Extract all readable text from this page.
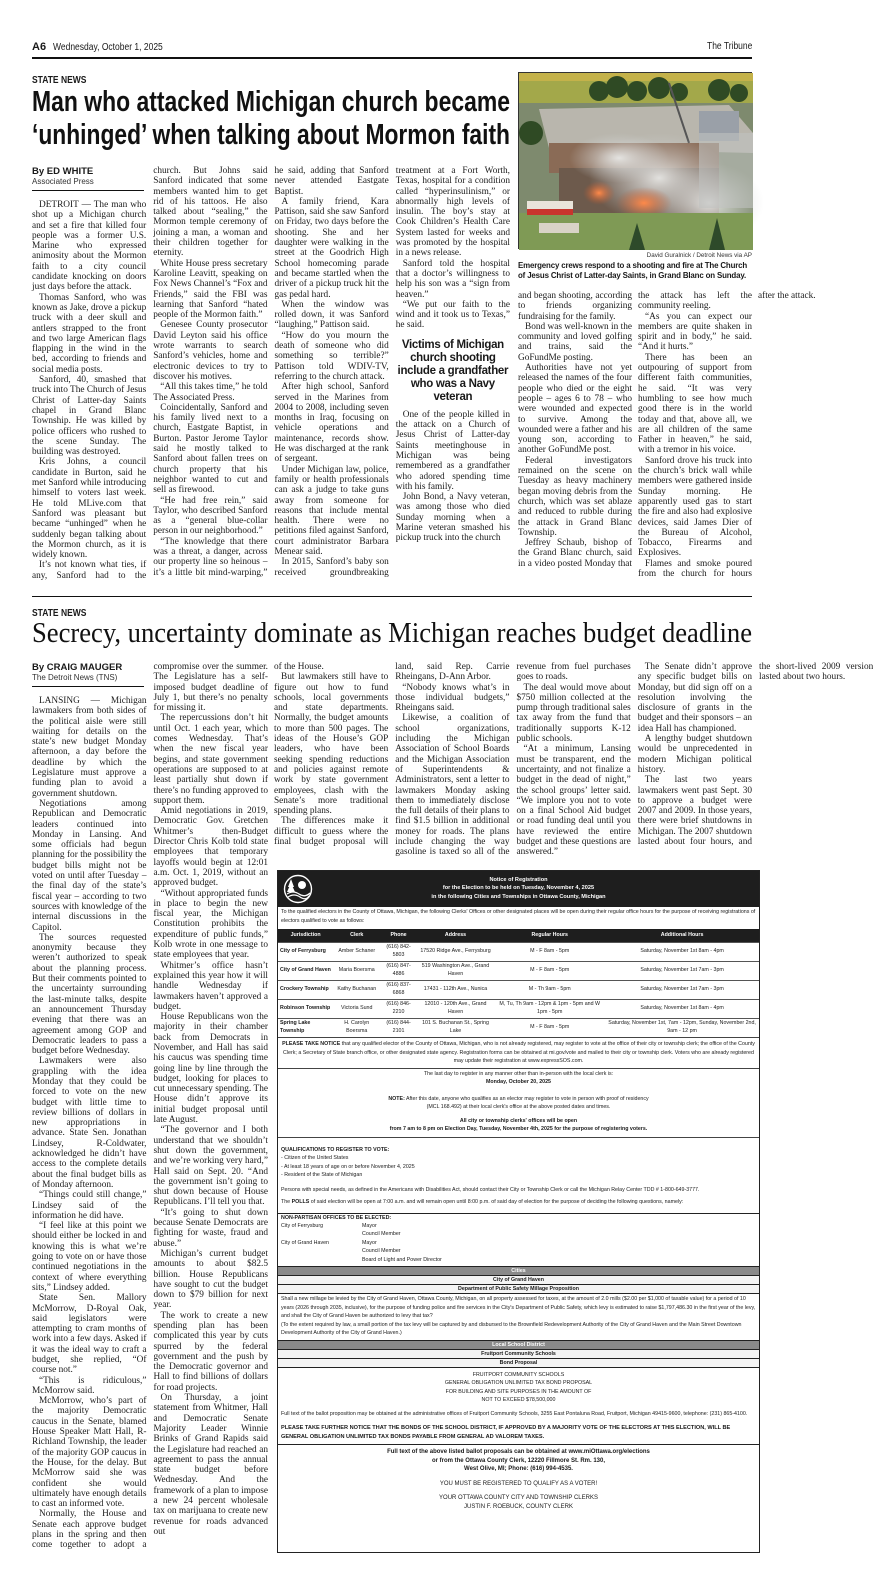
A6 Wednesday, October 1, 2025	The Tribune
STATE NEWS
Man who attacked Michigan church became
‘unhinged’ when talking about Mormon faith
David Guralnick / Detroit News via AP
Emergency crews respond to a shooting and fire at The Church of Jesus Christ of Latter-day Saints, in Grand Blanc on Sunday.
By ED WHITE
Associated Press

DETROIT — The man who shot up a Michigan church and set a fire that killed four people was a former U.S. Marine who expressed animosity about the Mormon faith to a city council candidate knocking on doors just days before the attack.

Thomas Sanford, who was known as Jake, drove a pickup truck with a deer skull and antlers strapped to the front and two large American flags flapping in the wind in the bed, according to friends and social media posts.

Sanford, 40, smashed that truck into The Church of Jesus Christ of Latter-day Saints chapel in Grand Blanc Township. He was killed by police officers who rushed to the scene Sunday. The building was destroyed.

Kris Johns, a council candidate in Burton, said he met Sanford while introducing himself to voters last week. He told MLive.com that Sanford was pleasant but became “unhinged” when he suddenly began talking about the Mormon church, as it is widely known.

It’s not known what ties, if any, Sanford had to the church. But Johns said Sanford indicated that some members wanted him to get rid of his tattoos. He also talked about “sealing,” the Mormon temple ceremony of joining a man, a woman and their children together for eternity.

White House press secretary Karoline Leavitt, speaking on Fox News Channel’s “Fox and Friends,” said the FBI was learning that Sanford “hated people of the Mormon faith.”

Genesee County prosecutor David Leyton said his office wrote warrants to search Sanford’s vehicles, home and electronic devices to try to discover his motives.

“All this takes time,” he told The Associated Press.

Coincidentally, Sanford and his family lived next to a church, Eastgate Baptist, in Burton. Pastor Jerome Taylor said he mostly talked to Sanford about fallen trees on church property that his neighbor wanted to cut and sell as firewood.

“He had free rein,” said Taylor, who described Sanford as a “general blue-collar person in our neighborhood.”

“The knowledge that there was a threat, a danger, across our property line so heinous – it’s a little bit mind-warping,” he said, adding that Sanford never attended Eastgate Baptist.

A family friend, Kara Pattison, said she saw Sanford on Friday, two days before the shooting. She and her daughter were walking in the street at the Goodrich High School homecoming parade and became startled when the driver of a pickup truck hit the gas pedal hard.

When the window was rolled down, it was Sanford “laughing,” Pattison said.

“How do you mourn the death of someone who did something so terrible?” Pattison told WDIV-TV, referring to the church attack.

After high school, Sanford served in the Marines from 2004 to 2008, including seven months in Iraq, focusing on vehicle operations and maintenance, records show. He was discharged at the rank of sergeant.

Under Michigan law, police, family or health professionals can ask a judge to take guns away from someone for reasons that include mental health. There were no petitions filed against Sanford, court administrator Barbara Menear said.

In 2015, Sanford’s baby son received groundbreaking treatment at a Fort Worth, Texas, hospital for a condition called “hyperinsulinism,” or abnormally high levels of insulin. The boy’s stay at Cook Children’s Health Care System lasted for weeks and was promoted by the hospital in a news release.

Sanford told the hospital that a doctor’s willingness to help his son was a “sign from heaven.”

“We put our faith to the wind and it took us to Texas,” he said.

Victims of Michigan church shooting include a grandfather who was a Navy veteran

One of the people killed in the attack on a Church of Jesus Christ of Latter-day Saints meetinghouse in Michigan was being remembered as a grandfather who adored spending time with his family.

John Bond, a Navy veteran, was among those who died Sunday morning when a Marine veteran smashed his pickup truck into the church

and began shooting, according to friends organizing fundraising for the family.

Bond was well-known in the community and loved golfing and trains, said the GoFundMe posting.

Authorities have not yet released the names of the four people who died or the eight people – ages 6 to 78 – who were wounded and expected to survive. Among the wounded were a father and his young son, according to another GoFundMe post.

Federal investigators remained on the scene on Tuesday as heavy machinery began moving debris from the church, which was set ablaze and reduced to rubble during the attack in Grand Blanc Township.

Jeffrey Schaub, bishop of the Grand Blanc church, said in a video posted Monday that the attack has left the community reeling.

“As you can expect our members are quite shaken in spirit and in body,” he said. “And it hurts.”

There has been an outpouring of support from different faith communities, he said. “It was very humbling to see how much good there is in the world today and that, above all, we are all children of the same Father in heaven,” he said, with a tremor in his voice.

Sanford drove his truck into the church’s brick wall while members were gathered inside Sunday morning. He apparently used gas to start the fire and also had explosive devices, said James Dier of the Bureau of Alcohol, Tobacco, Firearms and Explosives.

Flames and smoke poured from the church for hours after the attack.

STATE NEWS
Secrecy, uncertainty dominate as Michigan reaches budget deadline
By CRAIG MAUGER
The Detroit News (TNS)

LANSING — Michigan lawmakers from both sides of the political aisle were still waiting for details on the state’s new budget Monday afternoon, a day before the deadline by which the Legislature must approve a funding plan to avoid a government shutdown.

Negotiations among Republican and Democratic leaders continued into Monday in Lansing. And some officials had begun planning for the possibility the budget bills might not be voted on until after Tuesday – the final day of the state’s fiscal year – according to two sources with knowledge of the internal discussions in the Capitol.

The sources requested anonymity because they weren’t authorized to speak about the planning process. But their comments pointed to the uncertainty surrounding the last-minute talks, despite an announcement Thursday evening that there was an agreement among GOP and Democratic leaders to pass a budget before Wednesday.

Lawmakers were also grappling with the idea Monday that they could be forced to vote on the new budget with little time to review billions of dollars in new appropriations in advance. State Sen. Jonathan Lindsey, R-Coldwater, acknowledged he didn’t have access to the complete details about the final budget bills as of Monday afternoon.

“Things could still change,” Lindsey said of the information he did have.

“I feel like at this point we should either be locked in and knowing this is what we’re going to vote on or have those continued negotiations in the context of where everything sits,” Lindsey added.

State Sen. Mallory McMorrow, D-Royal Oak, said legislators were attempting to cram months of work into a few days. Asked if it was the ideal way to craft a budget, she replied, “Of course not.”

“This is ridiculous,” McMorrow said.

McMorrow, who’s part of the majority Democratic caucus in the Senate, blamed House Speaker Matt Hall, R-Richland Township, the leader of the majority GOP caucus in the House, for the delay. But McMorrow said she was confident she would ultimately have enough details to cast an informed vote.

Normally, the House and Senate each approve budget plans in the spring and then come together to adopt a compromise over the summer. The Legislature has a self-imposed budget deadline of July 1, but there’s no penalty for missing it.

The repercussions don’t hit until Oct. 1 each year, which comes Wednesday. That’s when the new fiscal year begins, and state government operations are supposed to at least partially shut down if there’s no funding approved to support them.

Amid negotiations in 2019, Democratic Gov. Gretchen Whitmer’s then-Budget Director Chris Kolb told state employees that temporary layoffs would begin at 12:01 a.m. Oct. 1, 2019, without an approved budget.

“Without appropriated funds in place to begin the new fiscal year, the Michigan Constitution prohibits the expenditure of public funds,” Kolb wrote in one message to state employees that year.

Whitmer’s office hasn’t explained this year how it will handle Wednesday if lawmakers haven’t approved a budget.

House Republicans won the majority in their chamber back from Democrats in November, and Hall has said his caucus was spending time going line by line through the budget, looking for places to cut unnecessary spending. The House didn’t approve its initial budget proposal until late August.

“The governor and I both understand that we shouldn’t shut down the government, and we’re working very hard,” Hall said on Sept. 20. “And the government isn’t going to shut down because of House Republicans. I’ll tell you that.

“It’s going to shut down because Senate Democrats are fighting for waste, fraud and abuse.”

Michigan’s current budget amounts to about $82.5 billion. House Republicans have sought to cut the budget down to $79 billion for next year.

The work to create a new spending plan has been complicated this year by cuts spurred by the federal government and the push by the Democratic governor and Hall to find billions of dollars for road projects.

On Thursday, a joint statement from Whitmer, Hall and Democratic Senate Majority Leader Winnie Brinks of Grand Rapids said the Legislature had reached an agreement to pass the annual state budget before Wednesday. And the framework of a plan to impose a new 24 percent wholesale tax on marijuana to create new revenue for roads advanced out

of the House.

But lawmakers still have to figure out how to fund schools, local governments and state departments. Normally, the budget amounts to more than 500 pages. The ideas of the House’s GOP leaders, who have been seeking spending reductions and policies against remote work by state government employees, clash with the Senate’s more traditional spending plans.

The differences make it difficult to guess where the final budget proposal will land, said Rep. Carrie Rheingans, D-Ann Arbor.

“Nobody knows what’s in those individual budgets,” Rheingans said.

Likewise, a coalition of school organizations, including the Michigan Association of School Boards and the Michigan Association of Superintendents & Administrators, sent a letter to lawmakers Monday asking them to immediately disclose the full details of their plans to find $1.5 billion in additional money for roads. The plans include changing the way gasoline is taxed so all of the revenue from fuel purchases goes to roads.

The deal would move about $750 million collected at the pump through traditional sales tax away from the fund that traditionally supports K-12 public schools.

“At a minimum, Lansing must be transparent, end the uncertainty, and not finalize a budget in the dead of night,” the school groups’ letter said. “We implore you not to vote on a final School Aid budget or road funding deal until you have reviewed the entire budget and these questions are answered.”

The Senate didn’t approve any specific budget bills on Monday, but did sign off on a resolution involving the disclosure of grants in the budget and their sponsors – an idea Hall has championed.

A lengthy budget shutdown would be unprecedented in modern Michigan political history.

The last two years lawmakers went past Sept. 30 to approve a budget were 2007 and 2009. In those years, there were brief shutdowns in Michigan. The 2007 shutdown lasted about four hours, and the short-lived 2009 version lasted about two hours.

Notice of Registration
for the Election to be held on Tuesday, November 4, 2025
in the following Cities and Townships in Ottawa County, Michigan
To the qualified electors in the County of Ottawa, Michigan, the following Clerks' Offices or other designated places will be open during their regular office hours for the purpose of receiving registrations of electors qualified to vote as follows:
Jurisdiction	Clerk	Phone	Address	Regular Hours	Additional Hours
City of Ferrysburg	Amber Schaner	(616) 842-5803	17520 Ridge Ave., Ferrysburg	M - F 8am - 5pm	Saturday, November 1st 8am - 4pm
City of Grand Haven	Maria Boersma	(616) 847-4886	519 Washington Ave., Grand Haven	M - F 8am - 5pm	Saturday, November 1st 7am - 3pm
Crockery Township	Kathy Buchanan	(616) 837-6868	17431 - 112th Ave., Nunica	M - Th 9am - 5pm	Saturday, November 1st 7am - 3pm
Robinson Township	Victoria Sund	(616) 846-2210	12010 - 120th Ave., Grand Haven	M, Tu, Th 9am - 12pm & 1pm - 5pm and W 1pm - 5pm	Saturday, November 1st 8am - 4pm
Spring Lake Township	H. Carolyn Boersma	(616) 844-2101	101 S. Buchanan St., Spring Lake	M - F 8am - 5pm	Saturday, November 1st, 7am - 12pm, Sunday, November 2nd, 9am - 12 pm
PLEASE TAKE NOTICE that any qualified elector of the County of Ottawa, Michigan, who is not already registered, may register to vote at the office of their city or township clerk; the office of the County Clerk; a Secretary of State branch office, or other designated state agency. Registration forms can be obtained at mi.gov/vote and mailed to their city or township clerk. Voters who are already registered may update their registration at www.expressSOS.com.
The last day to register in any manner other than in-person with the local clerk is:
Monday, October 20, 2025
NOTE: After this date, anyone who qualifies as an elector may register to vote in person with proof of residency
(MCL 168.492) at their local clerk's office at the above posted dates and times.
All city or township clerks' offices will be open
from 7 am to 8 pm on Election Day, Tuesday, November 4th, 2025 for the purpose of registering voters.
QUALIFICATIONS TO REGISTER TO VOTE:
- Citizen of the United States
- At least 18 years of age on or before November 4, 2025
- Resident of the State of Michigan
Persons with special needs, as defined in the Americans with Disabilities Act, should contact their City or Township Clerk or call the Michigan Relay Center TDD # 1-800-649-3777.
The POLLS of said election will be open at 7:00 a.m. and will remain open until 8:00 p.m. of said day of election for the purpose of deciding the following questions, namely:
NON-PARTISAN OFFICES TO BE ELECTED:
City of Ferrysburg	Mayor
	Council Member
City of Grand Haven	Mayor
	Council Member
	Board of Light and Power Director
Cities
City of Grand Haven
Department of Public Safety Millage Proposition
Shall a new millage be levied by the City of Grand Haven, Ottawa County, Michigan, on all property assessed for taxes, at the amount of 2.0 mills ($2.00 per $1,000 of taxable value) for a period of 10 years (2026 through 2035, inclusive), for the purpose of funding police and fire services in the City's Department of Public Safety, which levy is estimated to raise $1,797,486.30 in the first year of the levy, and shall the City of Grand Haven be authorized to levy that tax?
(To the extent required by law, a small portion of the tax levy will be captured by and disbursed to the Brownfield Redevelopment Authority of the City of Grand Haven and the Main Street Downtown Development Authority of the City of Grand Haven.)
Local School District
Fruitport Community Schools
Bond Proposal
FRUITPORT COMMUNITY SCHOOLS
GENERAL OBLIGATION UNLIMITED TAX BOND PROPOSAL
FOR BUILDING AND SITE PURPOSES IN THE AMOUNT OF
NOT TO EXCEED $78,500,000
Full text of the ballot proposition may be obtained at the administrative offices of Fruitport Community Schools, 3255 East Pontaluna Road, Fruitport, Michigan 49415-9600, telephone: (231) 865-4100.
PLEASE TAKE FURTHER NOTICE THAT THE BONDS OF THE SCHOOL DISTRICT, IF APPROVED BY A MAJORITY VOTE OF THE ELECTORS AT THIS ELECTION, WILL BE GENERAL OBLIGATION UNLIMITED TAX BONDS PAYABLE FROM GENERAL AD VALOREM TAXES.
Full text of the above listed ballot proposals can be obtained at www.miOttawa.org/elections
or from the Ottawa County Clerk, 12220 Fillmore St. Rm. 130,
West Olive, MI; Phone: (616) 994-4535.
YOU MUST BE REGISTERED TO QUALIFY AS A VOTER!
YOUR OTTAWA COUNTY CITY AND TOWNSHIP CLERKS
JUSTIN F. ROEBUCK, COUNTY CLERK
